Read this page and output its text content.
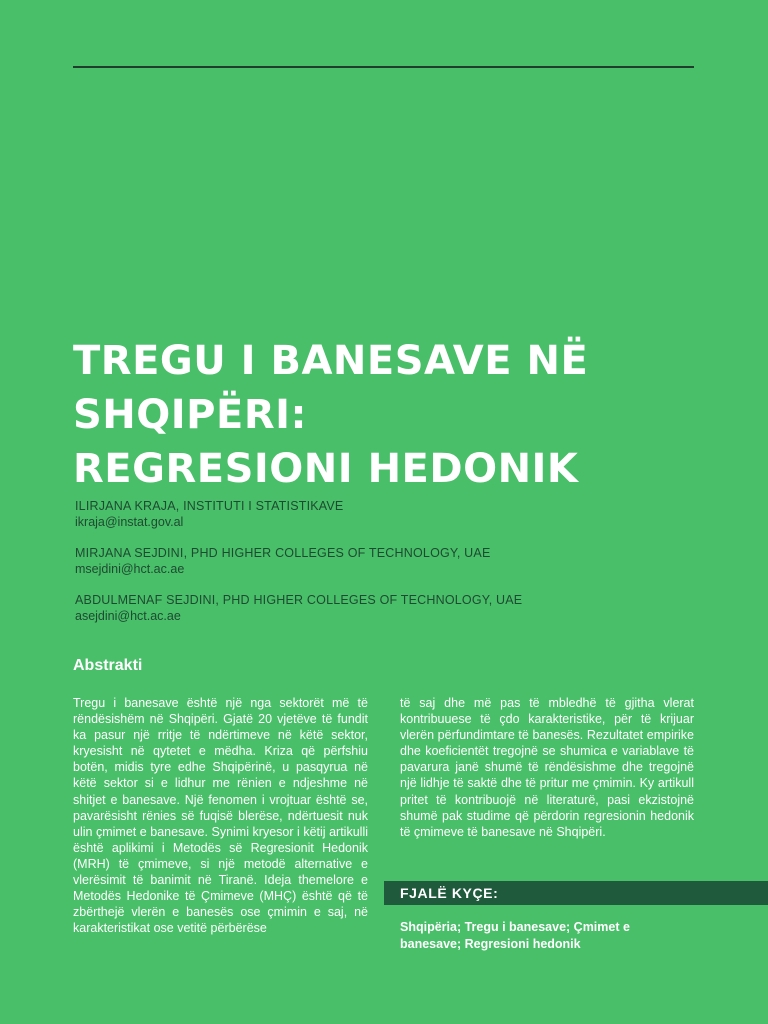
TREGU I BANESAVE NË
SHQIPËRI:
REGRESIONI HEDONIK

ILIRJANA KRAJA, INSTITUTI I STATISTIKAVE
ikraja@instat.gov.al

MIRJANA SEJDINI, PHD HIGHER COLLEGES OF TECHNOLOGY, UAE
msejdini@hct.ac.ae

ABDULMENAF SEJDINI, PHD HIGHER COLLEGES OF TECHNOLOGY, UAE
asejdini@hct.ac.ae

Abstrakti

Tregu i banesave është një nga sektorët më të rëndësishëm në Shqipëri. Gjatë 20 vjetëve të fundit ka pasur një rritje të ndërtimeve në këtë sektor, kryesisht në qytetet e mëdha. Kriza që përfshiu botën, midis tyre edhe Shqipërinë, u pasqyrua në këtë sektor si e lidhur me rënien e ndjeshme në shitjet e banesave. Një fenomen i vrojtuar është se, pavarësisht rënies së fuqisë blerëse, ndërtuesit nuk ulin çmimet e banesave. Synimi kryesor i këtij artikulli është aplikimi i Metodës së Regresionit Hedonik (MRH) të çmimeve, si një metodë alternative e vlerësimit të banimit në Tiranë. Ideja themelore e Metodës Hedonike të Çmimeve (MHÇ) është që të zbërthejë vlerën e banesës ose çmimin e saj, në karakteristikat ose vetitë përbërëse

të saj dhe më pas të mbledhë të gjitha vlerat kontribuuese të çdo karakteristike, për të krijuar vlerën përfundimtare të banesës. Rezultatet empirike dhe koeficientët tregojnë se shumica e variablave të pavarura janë shumë të rëndësishme dhe tregojnë një lidhje të saktë dhe të pritur me çmimin. Ky artikull pritet të kontribuojë në literaturë, pasi ekzistojnë shumë pak studime që përdorin regresionin hedonik të çmimeve të banesave në Shqipëri.

FJALË KYÇE:

Shqipëria; Tregu i banesave; Çmimet e banesave; Regresioni hedonik
